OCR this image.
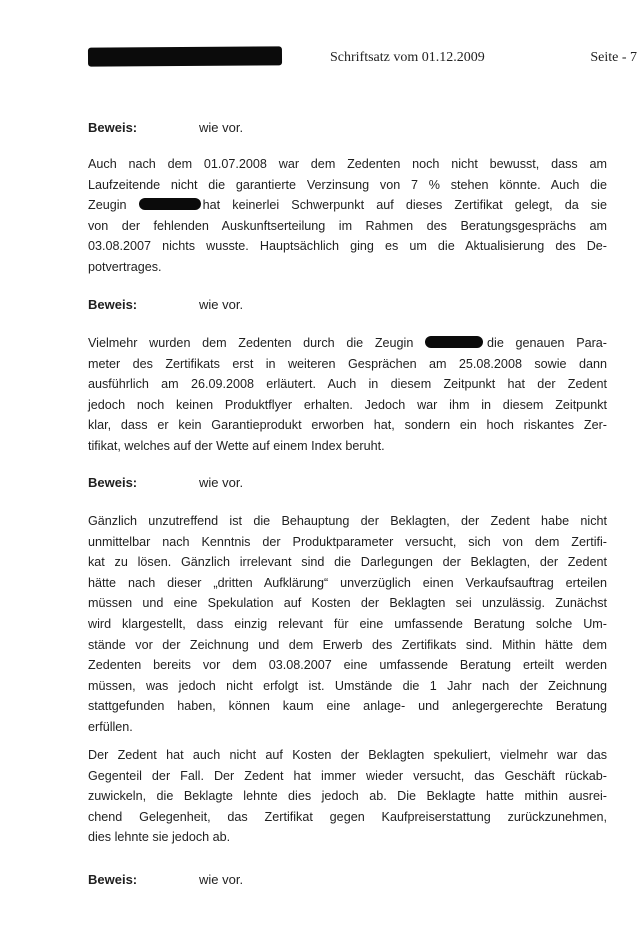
Schriftsatz vom 01.12.2009	Seite - 7
Beweis:	wie vor.
Auch nach dem 01.07.2008 war dem Zedenten noch nicht bewusst, dass am
Laufzeitende nicht die garantierte Verzinsung von 7 % stehen könnte. Auch die
Zeugin	hat keinerlei Schwerpunkt auf dieses Zertifikat gelegt, da sie
von der fehlenden Auskunftserteilung im Rahmen des Beratungsgesprächs am
03.08.2007 nichts wusste. Hauptsächlich ging es um die Aktualisierung des De-
potvertrages.
Beweis:	wie vor.
Vielmehr wurden dem Zedenten durch die Zeugin	die genauen Para-
meter des Zertifikats erst in weiteren Gesprächen am 25.08.2008 sowie dann
ausführlich am 26.09.2008 erläutert. Auch in diesem Zeitpunkt hat der Zedent
jedoch noch keinen Produktflyer erhalten. Jedoch war ihm in diesem Zeitpunkt
klar, dass er kein Garantieprodukt erworben hat, sondern ein hoch riskantes Zer-
tifikat, welches auf der Wette auf einem Index beruht.
Beweis:	wie vor.
Gänzlich unzutreffend ist die Behauptung der Beklagten, der Zedent habe nicht
unmittelbar nach Kenntnis der Produktparameter versucht, sich von dem Zertifi-
kat zu lösen. Gänzlich irrelevant sind die Darlegungen der Beklagten, der Zedent
hätte nach dieser „dritten Aufklärung“ unverzüglich einen Verkaufsauftrag erteilen
müssen und eine Spekulation auf Kosten der Beklagten sei unzulässig. Zunächst
wird klargestellt, dass einzig relevant für eine umfassende Beratung solche Um-
stände vor der Zeichnung und dem Erwerb des Zertifikats sind. Mithin hätte dem
Zedenten bereits vor dem 03.08.2007 eine umfassende Beratung erteilt werden
müssen, was jedoch nicht erfolgt ist. Umstände die 1 Jahr nach der Zeichnung
stattgefunden haben, können kaum eine anlage- und anlegergerechte Beratung
erfüllen.
Der Zedent hat auch nicht auf Kosten der Beklagten spekuliert, vielmehr war das
Gegenteil der Fall. Der Zedent hat immer wieder versucht, das Geschäft rückab-
zuwickeln, die Beklagte lehnte dies jedoch ab. Die Beklagte hatte mithin ausrei-
chend Gelegenheit, das Zertifikat gegen Kaufpreiserstattung zurückzunehmen,
dies lehnte sie jedoch ab.
Beweis:	wie vor.
